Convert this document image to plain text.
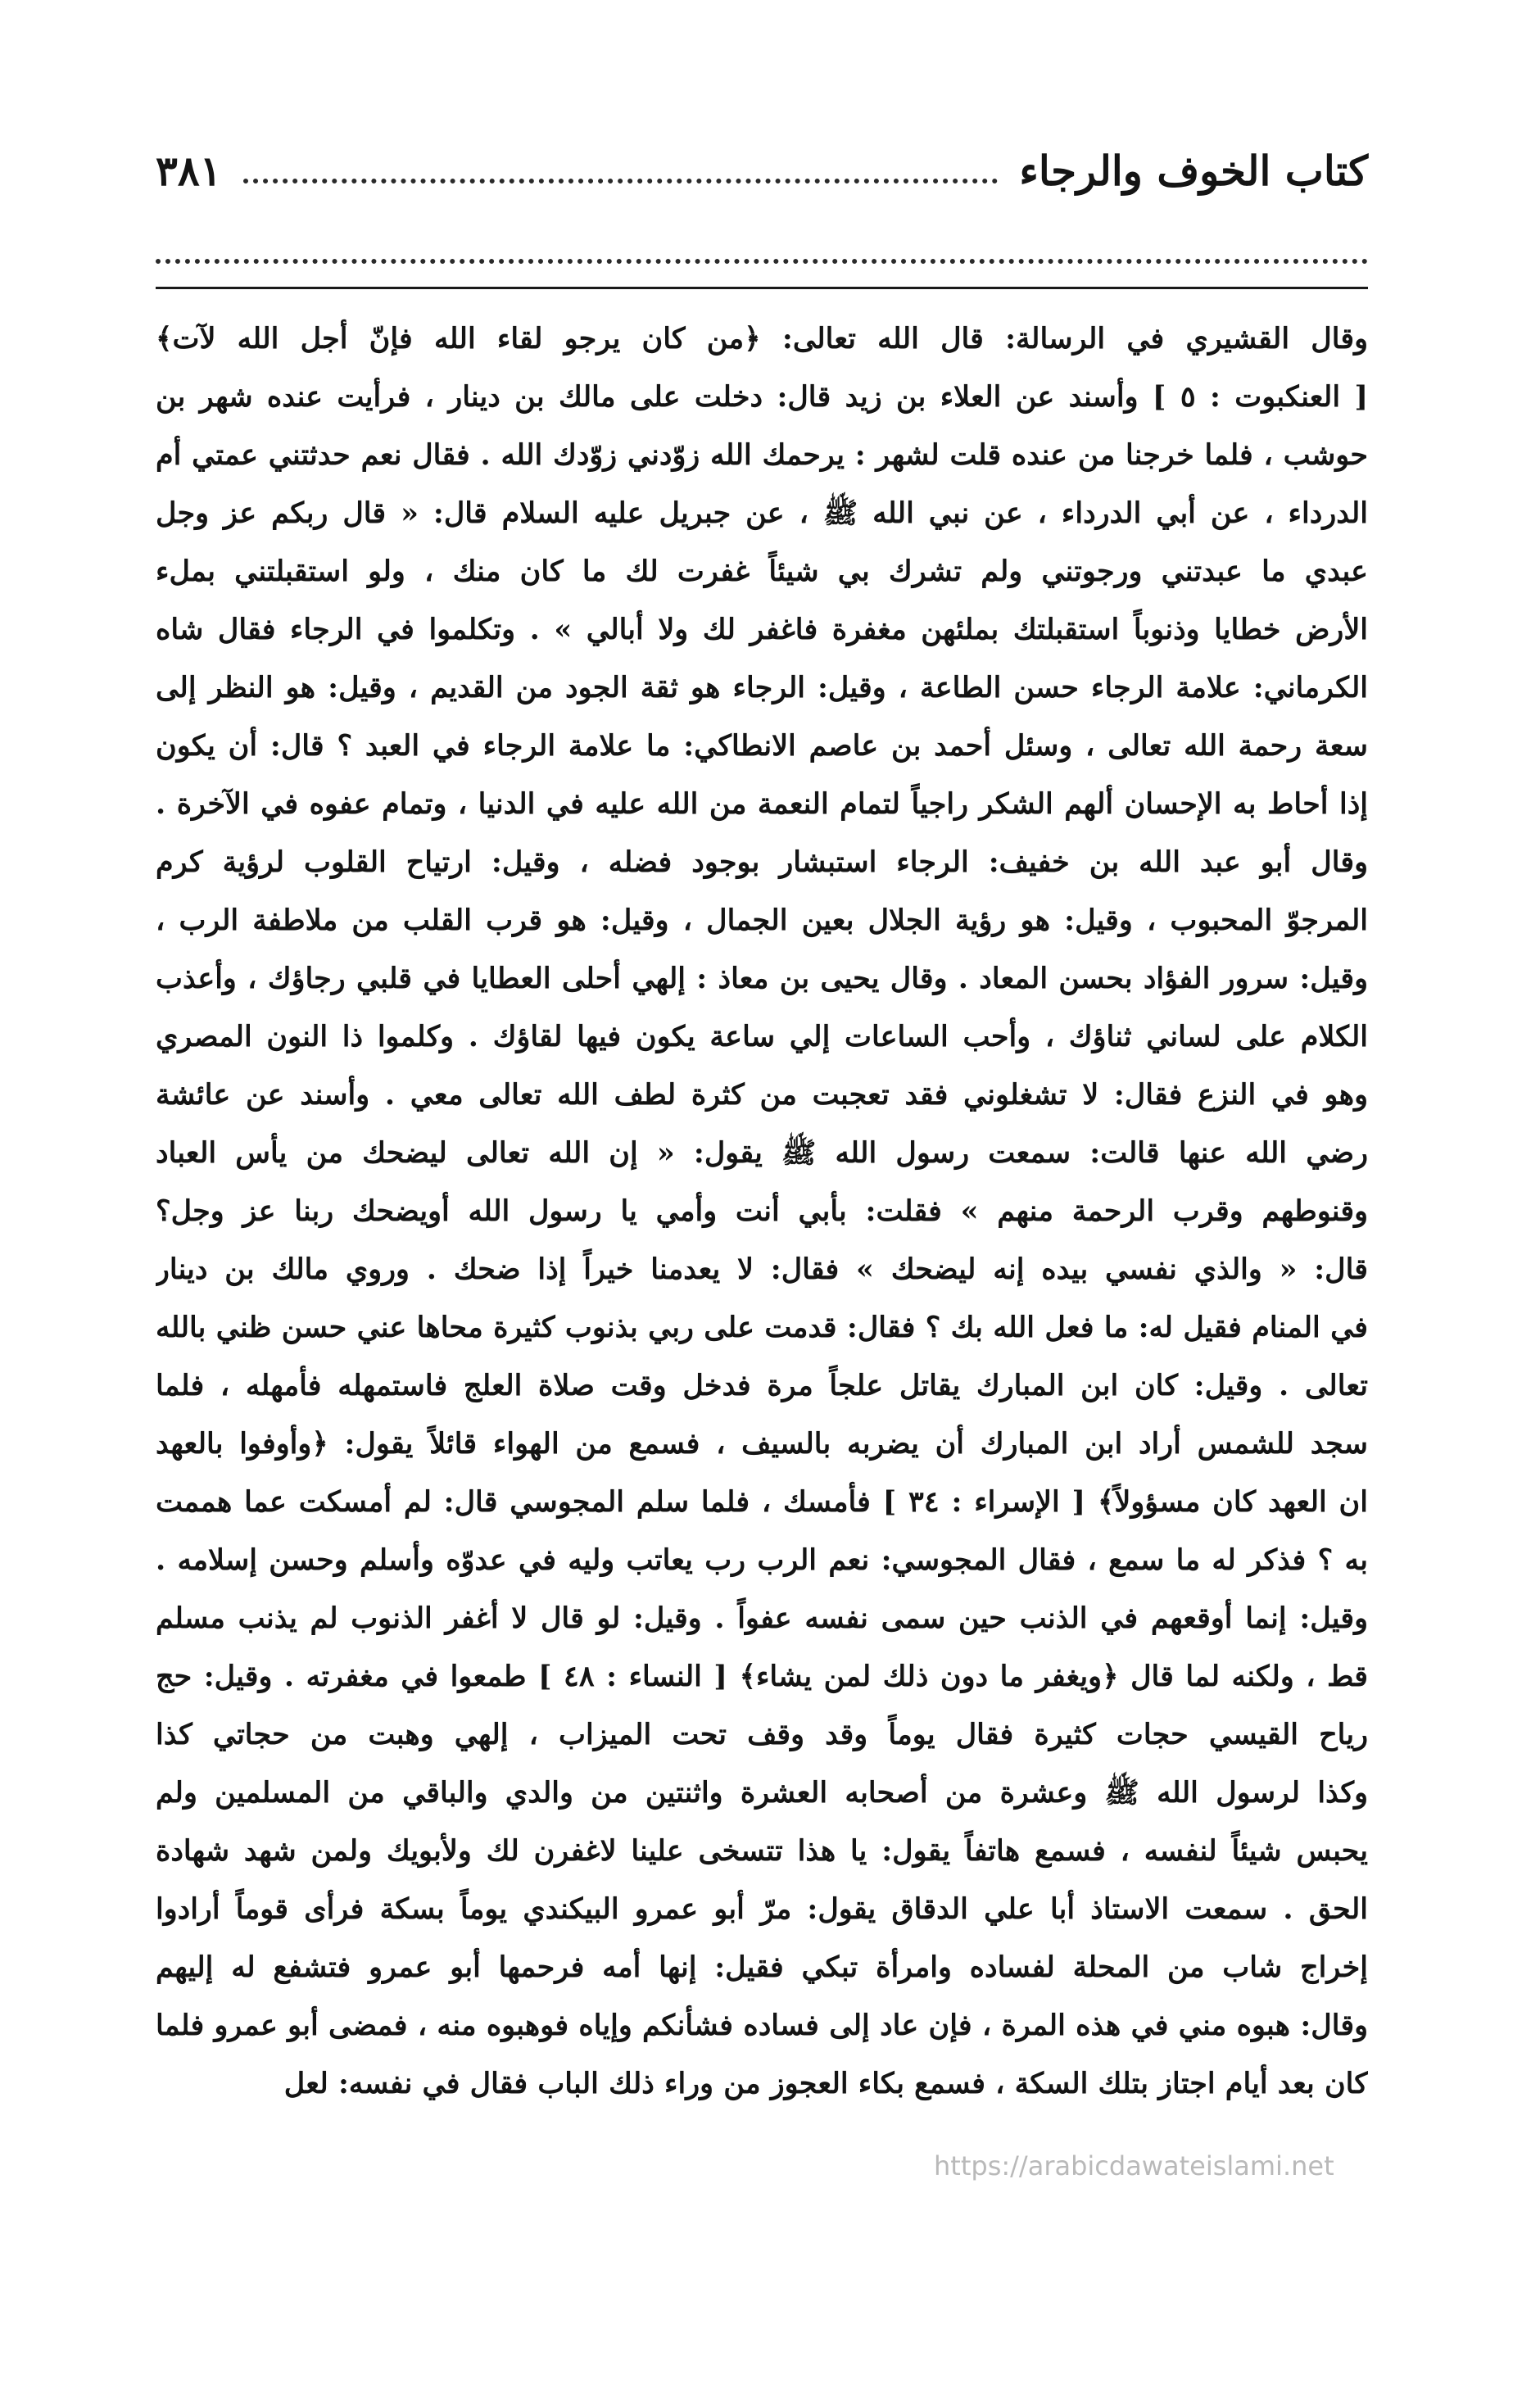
كتاب الخوف والرجاء
٣٨١
وقال القشيري في الرسالة: قال الله تعالى: ﴿من كان يرجو لقاء الله فإنّ أجل الله لآت﴾
[ العنكبوت : ٥ ] وأسند عن العلاء بن زيد قال: دخلت على مالك بن دينار ، فرأيت عنده شهر بن
حوشب ، فلما خرجنا من عنده قلت لشهر : يرحمك الله زوّدني زوّدك الله . فقال نعم حدثتني عمتي أم
الدرداء ، عن أبي الدرداء ، عن نبي الله ﷺ ، عن جبريل عليه السلام قال: « قال ربكم عز وجل
عبدي ما عبدتني ورجوتني ولم تشرك بي شيئاً غفرت لك ما كان منك ، ولو استقبلتني بملء
الأرض خطايا وذنوباً استقبلتك بملئهن مغفرة فاغفر لك ولا أبالي » . وتكلموا في الرجاء فقال شاه
الكرماني: علامة الرجاء حسن الطاعة ، وقيل: الرجاء هو ثقة الجود من القديم ، وقيل: هو النظر إلى
سعة رحمة الله تعالى ، وسئل أحمد بن عاصم الانطاكي: ما علامة الرجاء في العبد ؟ قال: أن يكون
إذا أحاط به الإحسان ألهم الشكر راجياً لتمام النعمة من الله عليه في الدنيا ، وتمام عفوه في الآخرة .
وقال أبو عبد الله بن خفيف: الرجاء استبشار بوجود فضله ، وقيل: ارتياح القلوب لرؤية كرم
المرجوّ المحبوب ، وقيل: هو رؤية الجلال بعين الجمال ، وقيل: هو قرب القلب من ملاطفة الرب ،
وقيل: سرور الفؤاد بحسن المعاد . وقال يحيى بن معاذ : إلهي أحلى العطايا في قلبي رجاؤك ، وأعذب
الكلام على لساني ثناؤك ، وأحب الساعات إلي ساعة يكون فيها لقاؤك . وكلموا ذا النون المصري
وهو في النزع فقال: لا تشغلوني فقد تعجبت من كثرة لطف الله تعالى معي . وأسند عن عائشة
رضي الله عنها قالت: سمعت رسول الله ﷺ يقول: « إن الله تعالى ليضحك من يأس العباد
وقنوطهم وقرب الرحمة منهم » فقلت: بأبي أنت وأمي يا رسول الله أويضحك ربنا عز وجل؟
قال: « والذي نفسي بيده إنه ليضحك » فقال: لا يعدمنا خيراً إذا ضحك . وروي مالك بن دينار
في المنام فقيل له: ما فعل الله بك ؟ فقال: قدمت على ربي بذنوب كثيرة محاها عني حسن ظني بالله
تعالى . وقيل: كان ابن المبارك يقاتل علجاً مرة فدخل وقت صلاة العلج فاستمهله فأمهله ، فلما
سجد للشمس أراد ابن المبارك أن يضربه بالسيف ، فسمع من الهواء قائلاً يقول: ﴿وأوفوا بالعهد
ان العهد كان مسؤولاً﴾ [ الإسراء : ٣٤ ] فأمسك ، فلما سلم المجوسي قال: لم أمسكت عما هممت
به ؟ فذكر له ما سمع ، فقال المجوسي: نعم الرب رب يعاتب وليه في عدوّه وأسلم وحسن إسلامه .
وقيل: إنما أوقعهم في الذنب حين سمى نفسه عفواً . وقيل: لو قال لا أغفر الذنوب لم يذنب مسلم
قط ، ولكنه لما قال ﴿ويغفر ما دون ذلك لمن يشاء﴾ [ النساء : ٤٨ ] طمعوا في مغفرته . وقيل: حج
رياح القيسي حجات كثيرة فقال يوماً وقد وقف تحت الميزاب ، إلهي وهبت من حجاتي كذا
وكذا لرسول الله ﷺ وعشرة من أصحابه العشرة واثنتين من والدي والباقي من المسلمين ولم
يحبس شيئاً لنفسه ، فسمع هاتفاً يقول: يا هذا تتسخى علينا لاغفرن لك ولأبويك ولمن شهد شهادة
الحق . سمعت الاستاذ أبا علي الدقاق يقول: مرّ أبو عمرو البيكندي يوماً بسكة فرأى قوماً أرادوا
إخراج شاب من المحلة لفساده وامرأة تبكي فقيل: إنها أمه فرحمها أبو عمرو فتشفع له إليهم
وقال: هبوه مني في هذه المرة ، فإن عاد إلى فساده فشأنكم وإياه فوهبوه منه ، فمضى أبو عمرو فلما
كان بعد أيام اجتاز بتلك السكة ، فسمع بكاء العجوز من وراء ذلك الباب فقال في نفسه: لعل
https://arabicdawateislami.net
